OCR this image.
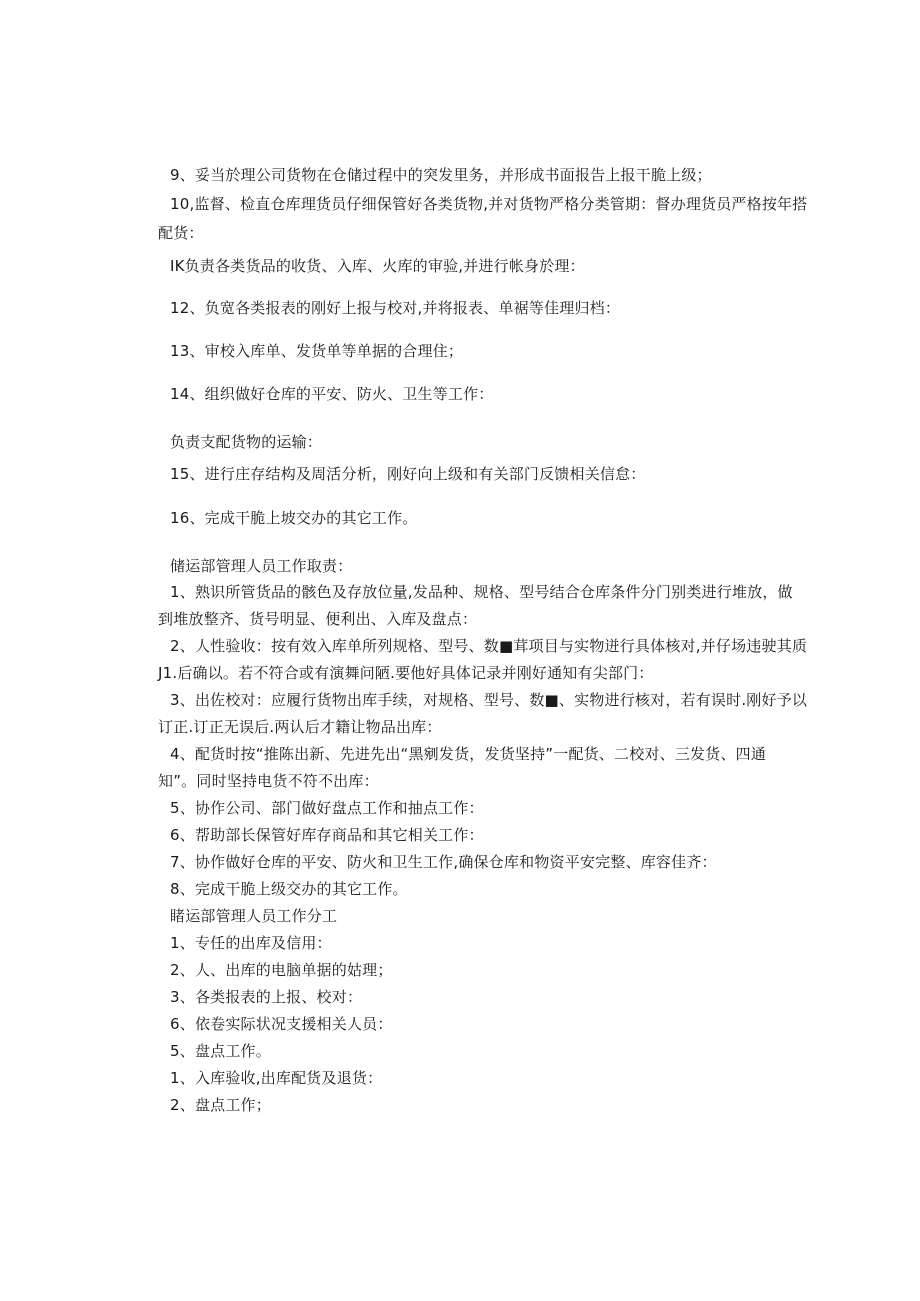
9、妥当於理公司货物在仓储过程中的突发里务，并形成书面报告上报干脆上级；

10,监督、检直仓库理货员仔细保管好各类货物,并对货物严格分类管期：督办理货员严格按年搭

配货：

IK负责各类货品的收货、入库、火库的审验,并进行帐身於理：

12、负宽各类报表的刚好上报与校对,并将报表、单裾等佳理归档：

13、审校入库单、发货单等单据的合理住；

14、组织做好仓库的平安、防火、卫生等工作：

负责支配货物的运输：

15、进行庄存结构及周活分析，刚好向上级和有关部门反馈相关信怠：

16、完成干脆上坡交办的其它工作。

储运部管理人员工作取责：

1、熟识所管货品的骸色及存放位量,发品种、规格、型号结合仓库条件分门别类进行堆放，做

到堆放整齐、货号明显、便利出、入库及盘点：

2、人性验收：按有效入库单所列规格、型号、数■茸项目与实物迸行具体核对,并仔场违驶其质

J1.后确以。若不符合或有演舞问陋.要他好具体记录并刚好通知有尖部门：

3、出佐校对：应履行货物出库手续，对规格、型号、数■、实物进行核对，若有误时.刚好予以

订正.订正无误后.两认后才籍让物品出库：

4、配货时按“推陈出新、先进先出“黑剜发货，发货坚持”一配货、二校对、三发货、四通

知”。同时坚持电货不符不出库：

5、协作公司、部门做好盘点工作和抽点工作：

6、帮助部长保管好库存商品和其它相关工作：

7、协作做好仓库的平安、防火和卫生工作,确保仓库和物资平安完整、库容佳齐：

8、完成干脆上级交办的其它工作。

睹运部管理人员工作分工

1、专任的出库及信用：

2、人、出库的电脑单据的姑理；

3、各类报表的上报、校对：

6、依卷实际状况支援相关人员：

5、盘点工作。

1、入库验收,出库配货及退货：

2、盘点工作；
